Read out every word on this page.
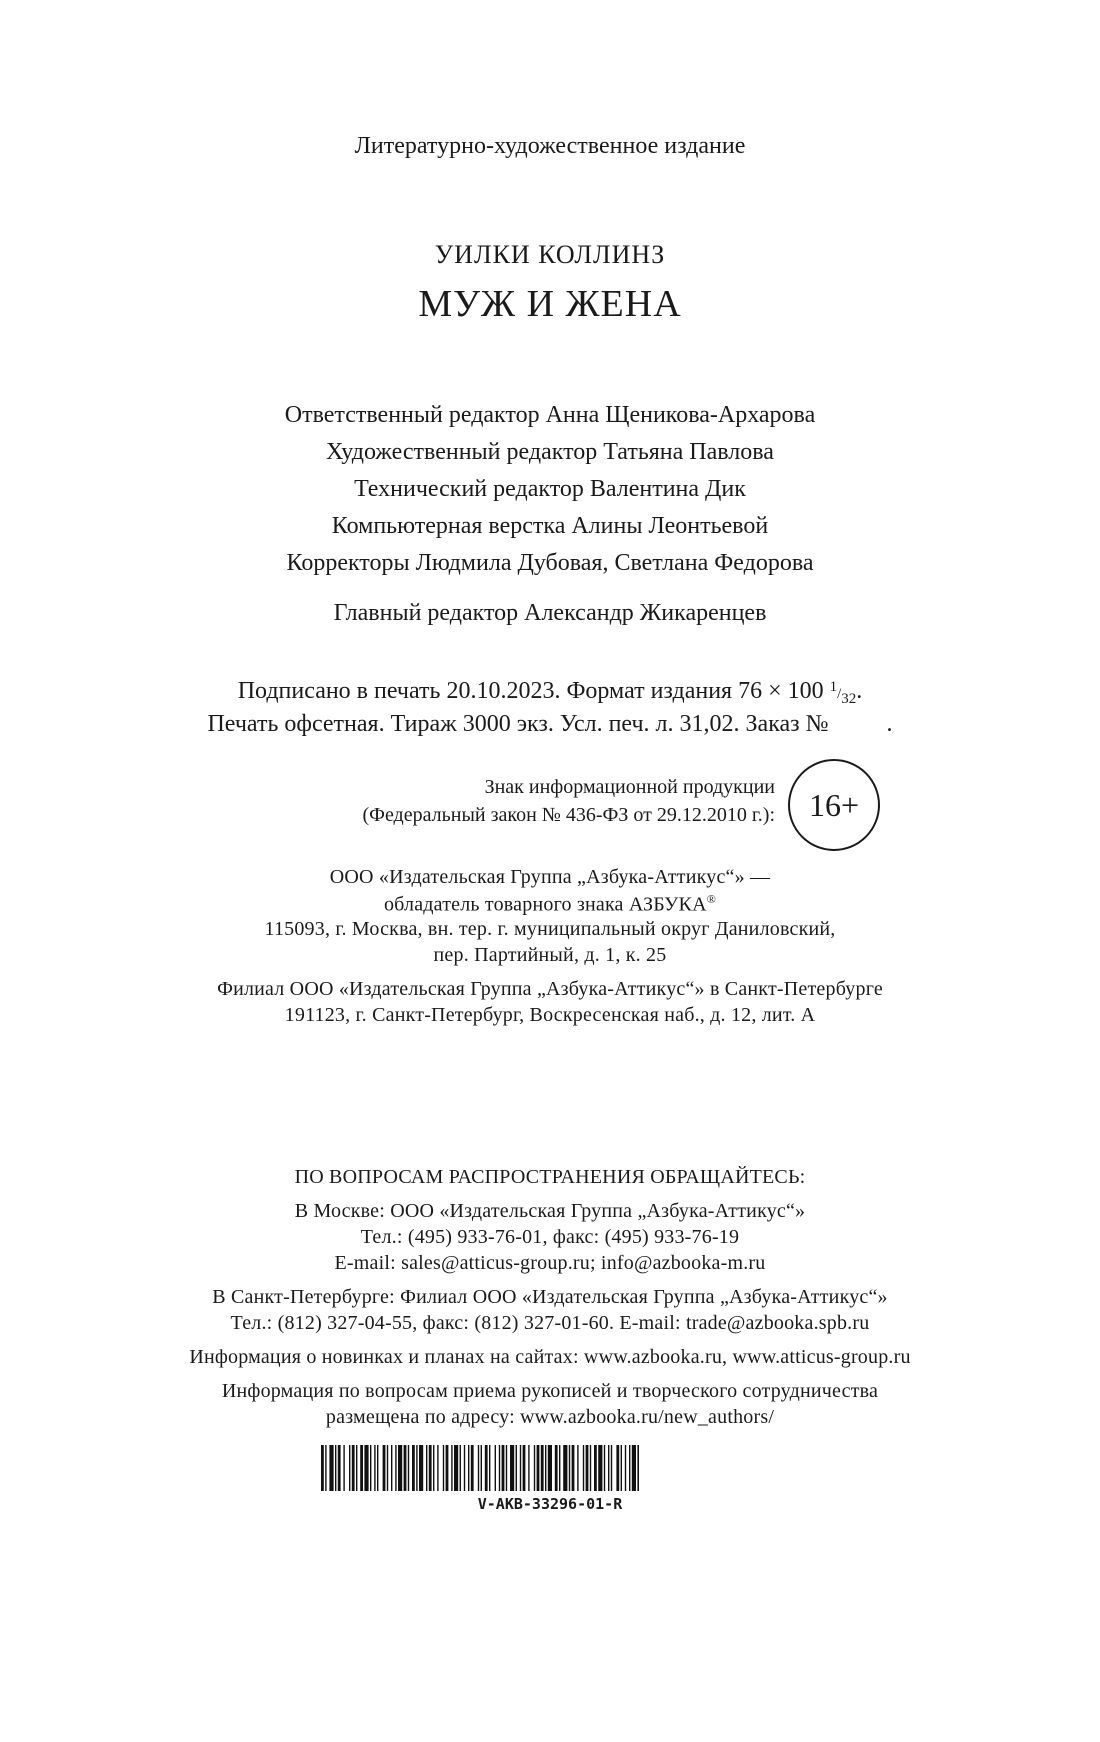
Литературно-художественное издание
УИЛКИ КОЛЛИНЗ
МУЖ И ЖЕНА
Ответственный редактор Анна Щеникова-Архарова
Художественный редактор Татьяна Павлова
Технический редактор Валентина Дик
Компьютерная верстка Алины Леонтьевой
Корректоры Людмила Дубовая, Светлана Федорова
Главный редактор Александр Жикаренцев
Подписано в печать 20.10.2023. Формат издания 76 × 100 $^1/_{32}$.
Печать офсетная. Тираж 3000 экз. Усл. печ. л. 31,02. Заказ № .
Знак информационной продукции
(Федеральный закон № 436-ФЗ от 29.12.2010 г.):	16+
ООО «Издательская Группа „Азбука-Аттикус“» —
обладатель товарного знака АЗБУКА®
115093, г. Москва, вн. тер. г. муниципальный округ Даниловский,
пер. Партийный, д. 1, к. 25
Филиал ООО «Издательская Группа „Азбука-Аттикус“» в Санкт-Петербурге
191123, г. Санкт-Петербург, Воскресенская наб., д. 12, лит. А
ПО ВОПРОСАМ РАСПРОСТРАНЕНИЯ ОБРАЩАЙТЕСЬ:
В Москве: ООО «Издательская Группа „Азбука-Аттикус“»
Тел.: (495) 933-76-01, факс: (495) 933-76-19
E-mail: sales@atticus-group.ru; info@azbooka-m.ru
В Санкт-Петербурге: Филиал ООО «Издательская Группа „Азбука-Аттикус“»
Тел.: (812) 327-04-55, факс: (812) 327-01-60. E-mail: trade@azbooka.spb.ru
Информация о новинках и планах на сайтах: www.azbooka.ru, www.atticus-group.ru
Информация по вопросам приема рукописей и творческого сотрудничества
размещена по адресу: www.azbooka.ru/new_authors/
V-AKB-33296-01-R
